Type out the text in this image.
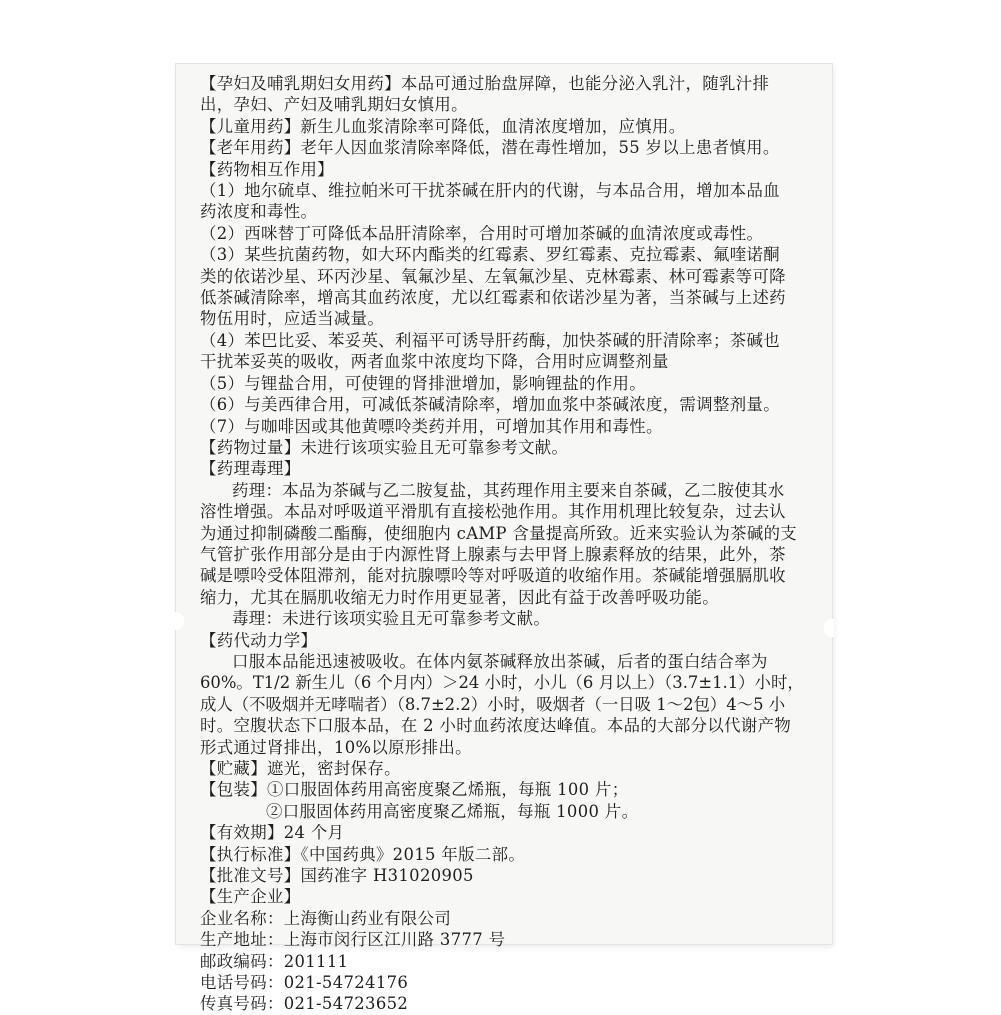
【孕妇及哺乳期妇女用药】本品可通过胎盘屏障，也能分泌入乳汁，随乳汁排

出，孕妇、产妇及哺乳期妇女慎用。

【儿童用药】新生儿血浆清除率可降低，血清浓度增加，应慎用。

【老年用药】老年人因血浆清除率降低，潜在毒性增加，55 岁以上患者慎用。

【药物相互作用】

（1）地尔硫卓、维拉帕米可干扰茶碱在肝内的代谢，与本品合用，增加本品血

药浓度和毒性。

（2）西咪替丁可降低本品肝清除率，合用时可增加茶碱的血清浓度或毒性。

（3）某些抗菌药物，如大环内酯类的红霉素、罗红霉素、克拉霉素、氟喹诺酮

类的依诺沙星、环丙沙星、氧氟沙星、左氧氟沙星、克林霉素、林可霉素等可降

低茶碱清除率，增高其血药浓度，尤以红霉素和依诺沙星为著，当茶碱与上述药

物伍用时，应适当减量。

（4）苯巴比妥、苯妥英、利福平可诱导肝药酶，加快茶碱的肝清除率；茶碱也

干扰苯妥英的吸收，两者血浆中浓度均下降，合用时应调整剂量

（5）与锂盐合用，可使锂的肾排泄增加，影响锂盐的作用。

（6）与美西律合用，可减低茶碱清除率，增加血浆中茶碱浓度，需调整剂量。

（7）与咖啡因或其他黄嘌呤类药并用，可增加其作用和毒性。

【药物过量】未进行该项实验且无可靠参考文献。

【药理毒理】

药理：本品为茶碱与乙二胺复盐，其药理作用主要来自茶碱，乙二胺使其水

溶性增强。本品对呼吸道平滑肌有直接松弛作用。其作用机理比较复杂，过去认

为通过抑制磷酸二酯酶，使细胞内 cAMP 含量提高所致。近来实验认为茶碱的支

气管扩张作用部分是由于内源性肾上腺素与去甲肾上腺素释放的结果，此外，茶

碱是嘌呤受体阻滞剂，能对抗腺嘌呤等对呼吸道的收缩作用。茶碱能增强膈肌收

缩力，尤其在膈肌收缩无力时作用更显著，因此有益于改善呼吸功能。

毒理：未进行该项实验且无可靠参考文献。

【药代动力学】

口服本品能迅速被吸收。在体内氨茶碱释放出茶碱，后者的蛋白结合率为

60%。T1/2 新生儿（6 个月内）＞24 小时，小儿（6 月以上）（3.7±1.1）小时，

成人（不吸烟并无哮喘者）（8.7±2.2）小时，吸烟者（一日吸 1～2包）4～5 小

时。空腹状态下口服本品，在 2 小时血药浓度达峰值。本品的大部分以代谢产物

形式通过肾排出，10%以原形排出。

【贮藏】遮光，密封保存。

【包装】①口服固体药用高密度聚乙烯瓶，每瓶 100 片；

②口服固体药用高密度聚乙烯瓶，每瓶 1000 片。

【有效期】24 个月

【执行标准】《中国药典》2015 年版二部。

【批准文号】国药准字 H31020905

【生产企业】

企业名称：上海衡山药业有限公司

生产地址：上海市闵行区江川路 3777 号

邮政编码：201111

电话号码：021-54724176

传真号码：021-54723652
